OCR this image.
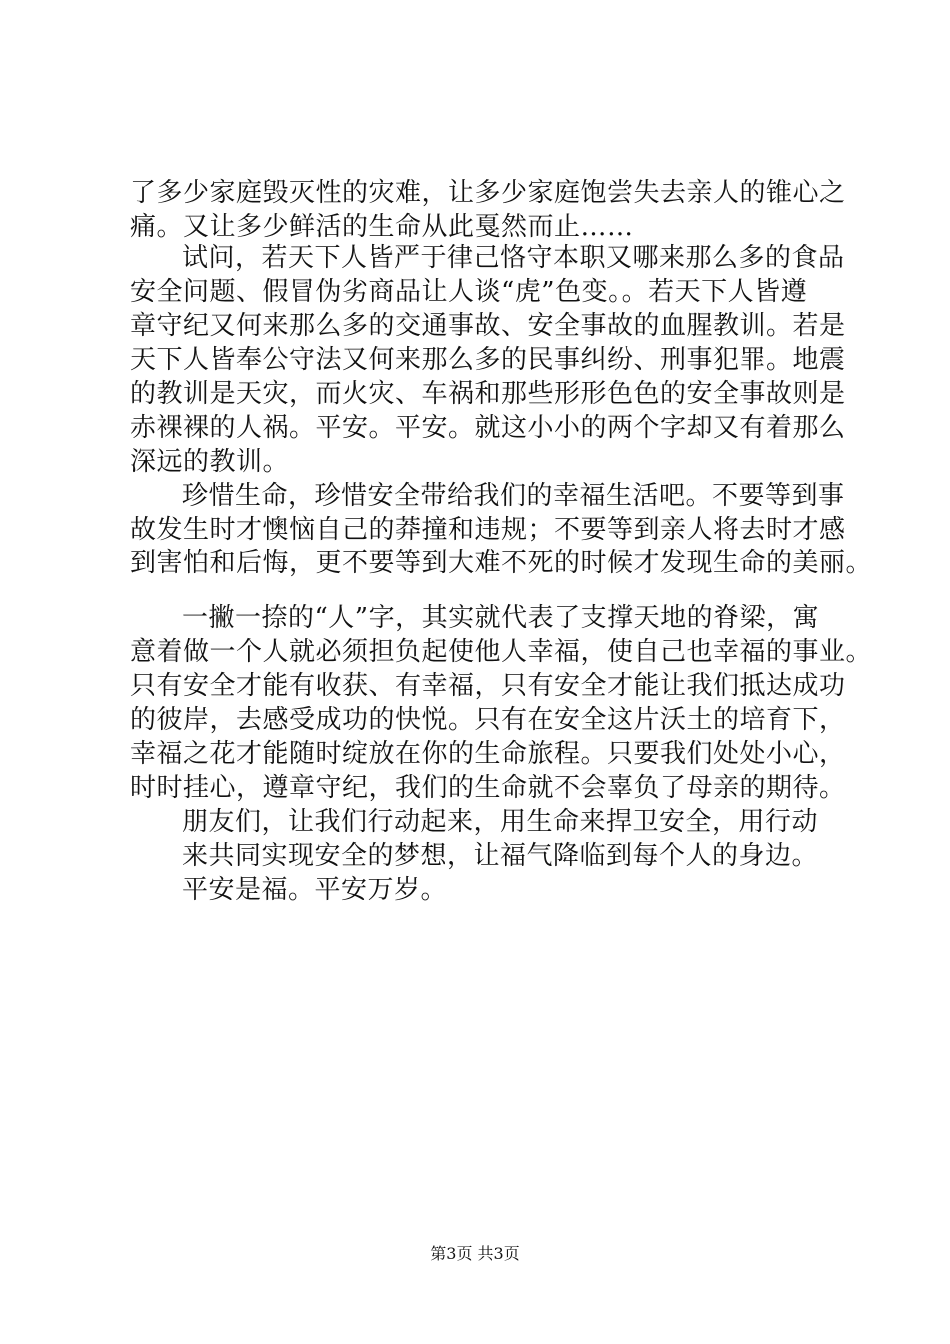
了多少家庭毁灭性的灾难，让多少家庭饱尝失去亲人的锥心之
痛。又让多少鲜活的生命从此戛然而止……
试问，若天下人皆严于律己恪守本职又哪来那么多的食品
安全问题、假冒伪劣商品让人谈“虎”色变。。若天下人皆遵
章守纪又何来那么多的交通事故、安全事故的血腥教训。若是
天下人皆奉公守法又何来那么多的民事纠纷、刑事犯罪。地震
的教训是天灾，而火灾、车祸和那些形形色色的安全事故则是
赤裸裸的人祸。平安。平安。就这小小的两个字却又有着那么
深远的教训。
珍惜生命，珍惜安全带给我们的幸福生活吧。不要等到事
故发生时才懊恼自己的莽撞和违规；不要等到亲人将去时才感
到害怕和后悔，更不要等到大难不死的时候才发现生命的美丽。
一撇一捺的“人”字，其实就代表了支撑天地的脊梁，寓
意着做一个人就必须担负起使他人幸福，使自己也幸福的事业。
只有安全才能有收获、有幸福，只有安全才能让我们抵达成功
的彼岸，去感受成功的快悦。只有在安全这片沃土的培育下，
幸福之花才能随时绽放在你的生命旅程。只要我们处处小心，
时时挂心，遵章守纪，我们的生命就不会辜负了母亲的期待。
朋友们，让我们行动起来，用生命来捍卫安全，用行动
来共同实现安全的梦想，让福气降临到每个人的身边。
平安是福。平安万岁。
第3页 共3页
